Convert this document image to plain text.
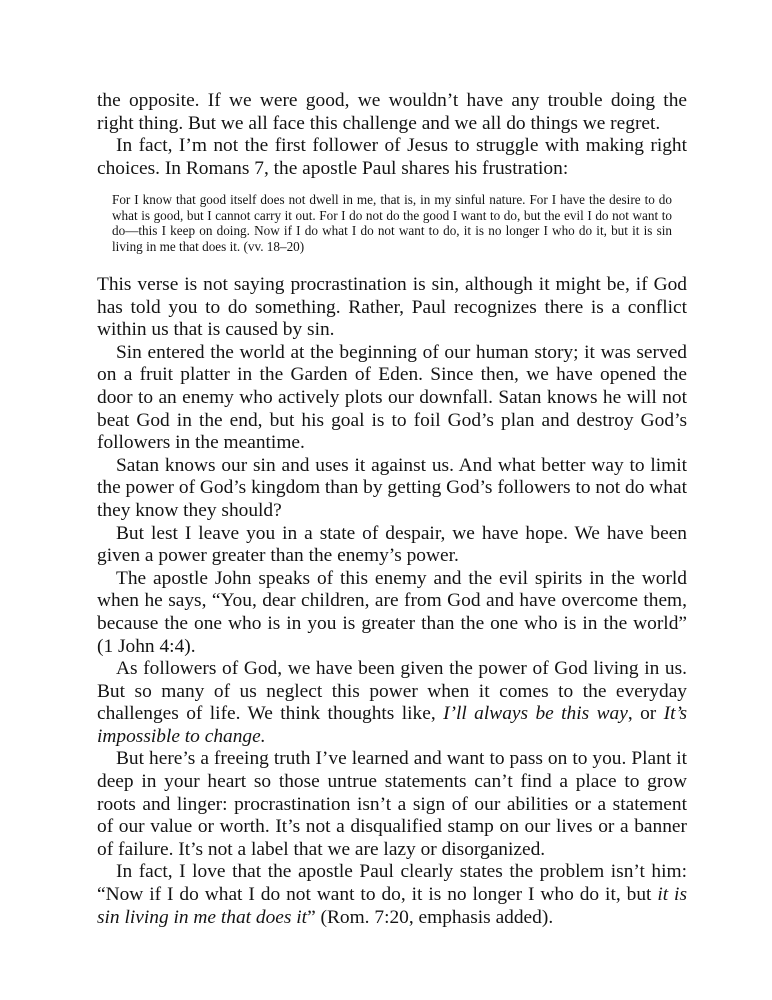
the opposite. If we were good, we wouldn’t have any trouble doing the right thing. But we all face this challenge and we all do things we regret.

In fact, I’m not the first follower of Jesus to struggle with making right choices. In Romans 7, the apostle Paul shares his frustration:

For I know that good itself does not dwell in me, that is, in my sinful nature. For I have the desire to do what is good, but I cannot carry it out. For I do not do the good I want to do, but the evil I do not want to do—this I keep on doing. Now if I do what I do not want to do, it is no longer I who do it, but it is sin living in me that does it. (vv. 18–20)

This verse is not saying procrastination is sin, although it might be, if God has told you to do something. Rather, Paul recognizes there is a conflict within us that is caused by sin.

Sin entered the world at the beginning of our human story; it was served on a fruit platter in the Garden of Eden. Since then, we have opened the door to an enemy who actively plots our downfall. Satan knows he will not beat God in the end, but his goal is to foil God’s plan and destroy God’s followers in the meantime.

Satan knows our sin and uses it against us. And what better way to limit the power of God’s kingdom than by getting God’s followers to not do what they know they should?

But lest I leave you in a state of despair, we have hope. We have been given a power greater than the enemy’s power.

The apostle John speaks of this enemy and the evil spirits in the world when he says, “You, dear children, are from God and have overcome them, because the one who is in you is greater than the one who is in the world” (1 John 4:4).

As followers of God, we have been given the power of God living in us. But so many of us neglect this power when it comes to the everyday challenges of life. We think thoughts like, I’ll always be this way, or It’s impossible to change.

But here’s a freeing truth I’ve learned and want to pass on to you. Plant it deep in your heart so those untrue statements can’t find a place to grow roots and linger: procrastination isn’t a sign of our abilities or a statement of our value or worth. It’s not a disqualified stamp on our lives or a banner of failure. It’s not a label that we are lazy or disorganized.

In fact, I love that the apostle Paul clearly states the problem isn’t him: “Now if I do what I do not want to do, it is no longer I who do it, but it is sin living in me that does it” (Rom. 7:20, emphasis added).
